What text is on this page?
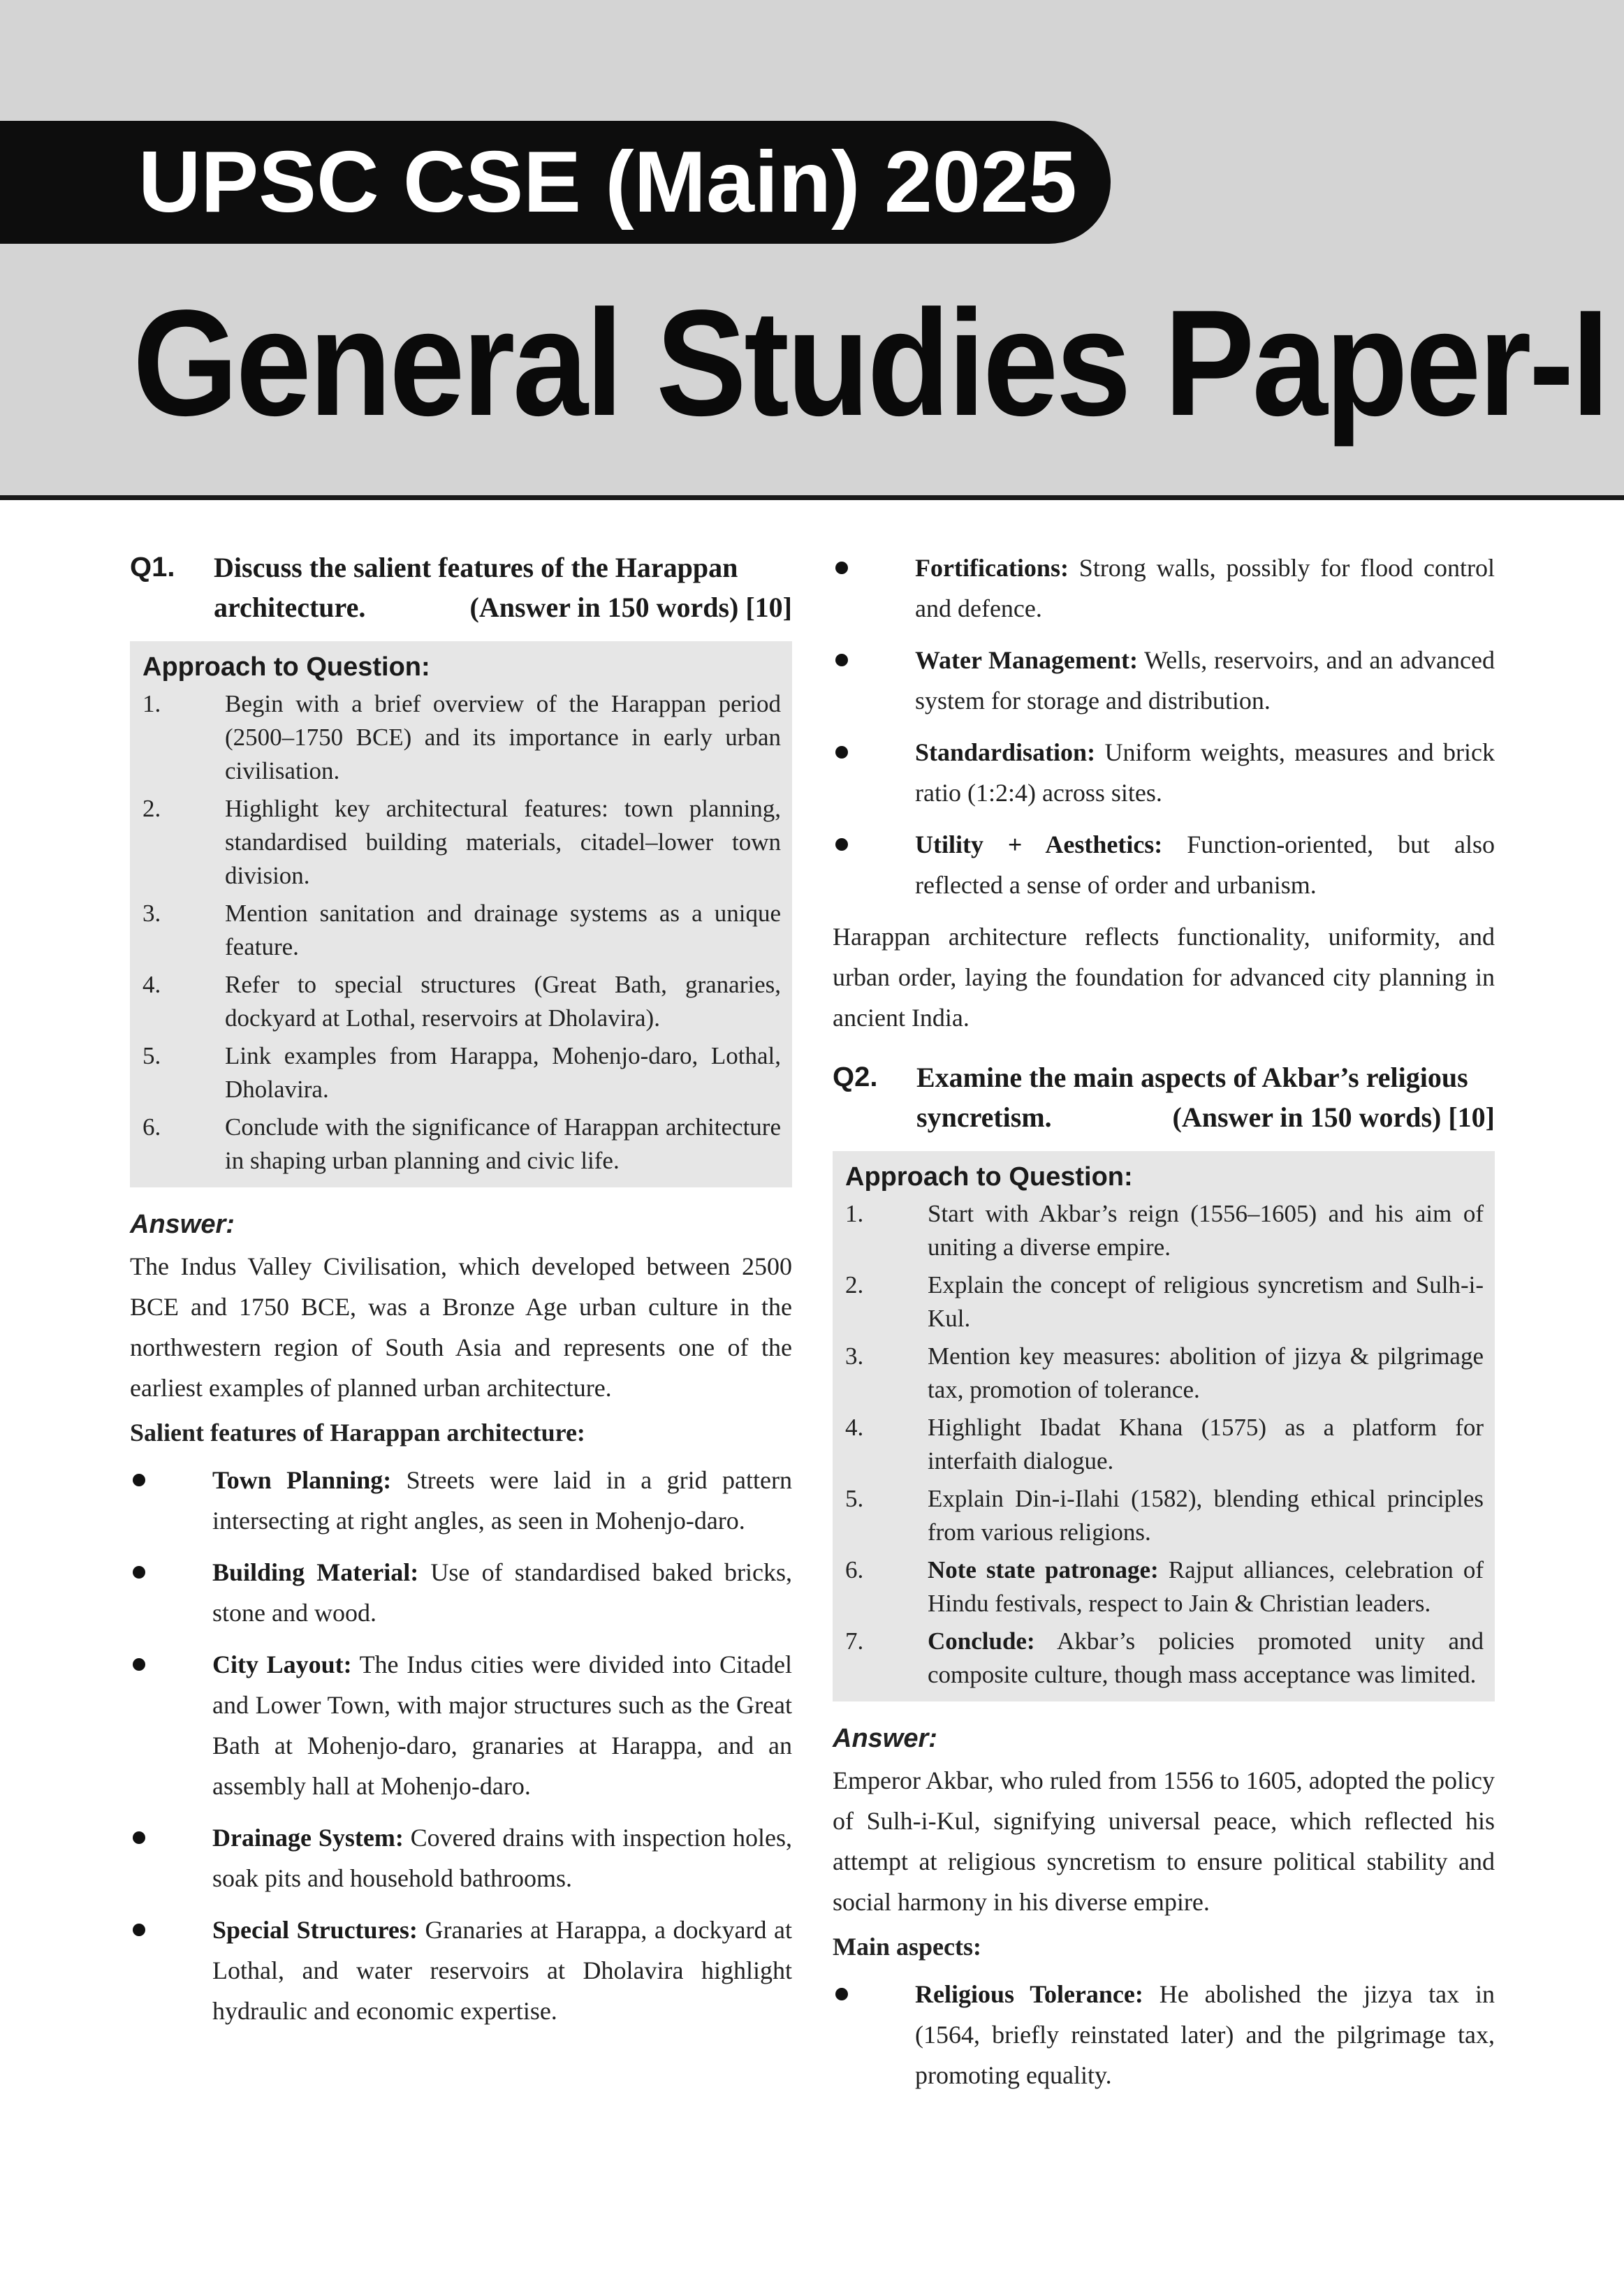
UPSC CSE (Main) 2025
General Studies Paper-I
Q1.	Discuss the salient features of the Harappan
architecture.	(Answer in 150 words) [10]
Approach to Question:
1.	Begin with a brief overview of the Harappan period (2500–1750 BCE) and its importance in early urban civilisation.
2.	Highlight key architectural features: town planning, standardised building materials, citadel–lower town division.
3.	Mention sanitation and drainage systems as a unique feature.
4.	Refer to special structures (Great Bath, granaries, dockyard at Lothal, reservoirs at Dholavira).
5.	Link examples from Harappa, Mohenjo-daro, Lothal, Dholavira.
6.	Conclude with the significance of Harappan architecture in shaping urban planning and civic life.
Answer:

The Indus Valley Civilisation, which developed between 2500 BCE and 1750 BCE, was a Bronze Age urban culture in the northwestern region of South Asia and represents one of the earliest examples of planned urban architecture.

Salient features of Harappan architecture:
Town Planning: Streets were laid in a grid pattern intersecting at right angles, as seen in Mohenjo-daro.
Building Material: Use of standardised baked bricks, stone and wood.
City Layout: The Indus cities were divided into Citadel and Lower Town, with major structures such as the Great Bath at Mohenjo-daro, granaries at Harappa, and an assembly hall at Mohenjo-daro.
Drainage System: Covered drains with inspection holes, soak pits and household bathrooms.
Special Structures: Granaries at Harappa, a dockyard at Lothal, and water reservoirs at Dholavira highlight hydraulic and economic expertise.
Fortifications: Strong walls, possibly for flood control and defence.
Water Management: Wells, reservoirs, and an advanced system for storage and distribution.
Standardisation: Uniform weights, measures and brick ratio (1:2:4) across sites.
Utility + Aesthetics: Function-oriented, but also reflected a sense of order and urbanism.

Harappan architecture reflects functionality, uniformity, and urban order, laying the foundation for advanced city planning in ancient India.

Q2.	Examine the main aspects of Akbar’s religious
syncretism.	(Answer in 150 words) [10]
Approach to Question:
1.	Start with Akbar’s reign (1556–1605) and his aim of uniting a diverse empire.
2.	Explain the concept of religious syncretism and Sulh-i-Kul.
3.	Mention key measures: abolition of jizya & pilgrimage tax, promotion of tolerance.
4.	Highlight Ibadat Khana (1575) as a platform for interfaith dialogue.
5.	Explain Din-i-Ilahi (1582), blending ethical principles from various religions.
6.	Note state patronage: Rajput alliances, celebration of Hindu festivals, respect to Jain & Christian leaders.
7.	Conclude: Akbar’s policies promoted unity and composite culture, though mass acceptance was limited.
Answer:

Emperor Akbar, who ruled from 1556 to 1605, adopted the policy of Sulh-i-Kul, signifying universal peace, which reflected his attempt at religious syncretism to ensure political stability and social harmony in his diverse empire.

Main aspects:
Religious Tolerance: He abolished the jizya tax in (1564, briefly reinstated later) and the pilgrimage tax, promoting equality.
